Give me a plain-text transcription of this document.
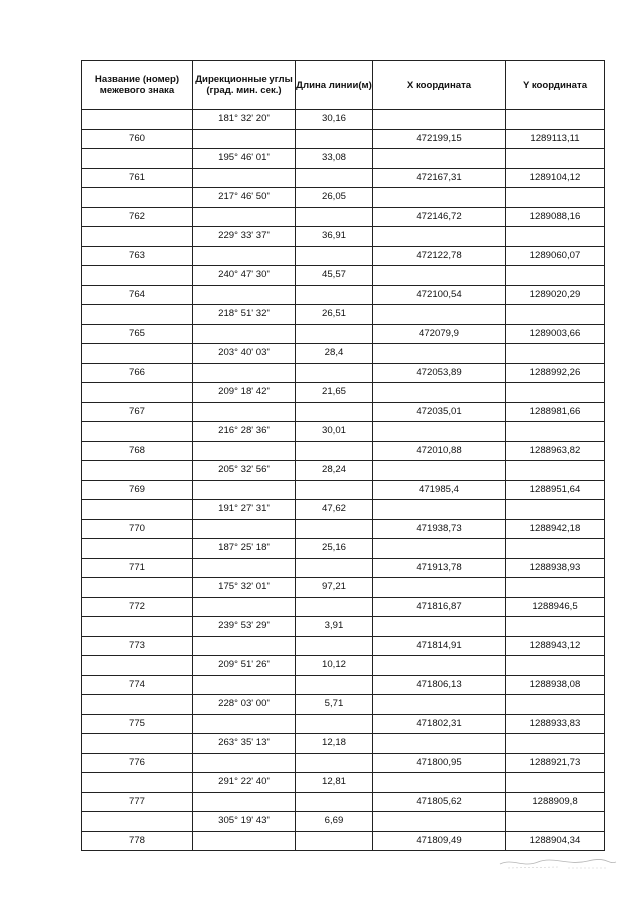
Название (номер) межевого знака	Дирекционные углы (град. мин. сек.)	Длина линии(м)	X координата	Y координата
	181° 32' 20"	30,16		
760			472199,15	1289113,11
	195° 46' 01"	33,08		
761			472167,31	1289104,12
	217° 46' 50"	26,05		
762			472146,72	1289088,16
	229° 33' 37"	36,91		
763			472122,78	1289060,07
	240° 47' 30"	45,57		
764			472100,54	1289020,29
	218° 51' 32"	26,51		
765			472079,9	1289003,66
	203° 40' 03"	28,4		
766			472053,89	1288992,26
	209° 18' 42"	21,65		
767			472035,01	1288981,66
	216° 28' 36"	30,01		
768			472010,88	1288963,82
	205° 32' 56"	28,24		
769			471985,4	1288951,64
	191° 27' 31"	47,62		
770			471938,73	1288942,18
	187° 25' 18"	25,16		
771			471913,78	1288938,93
	175° 32' 01"	97,21		
772			471816,87	1288946,5
	239° 53' 29"	3,91		
773			471814,91	1288943,12
	209° 51' 26"	10,12		
774			471806,13	1288938,08
	228° 03' 00"	5,71		
775			471802,31	1288933,83
	263° 35' 13"	12,18		
776			471800,95	1288921,73
	291° 22' 40"	12,81		
777			471805,62	1288909,8
	305° 19' 43"	6,69		
778			471809,49	1288904,34
